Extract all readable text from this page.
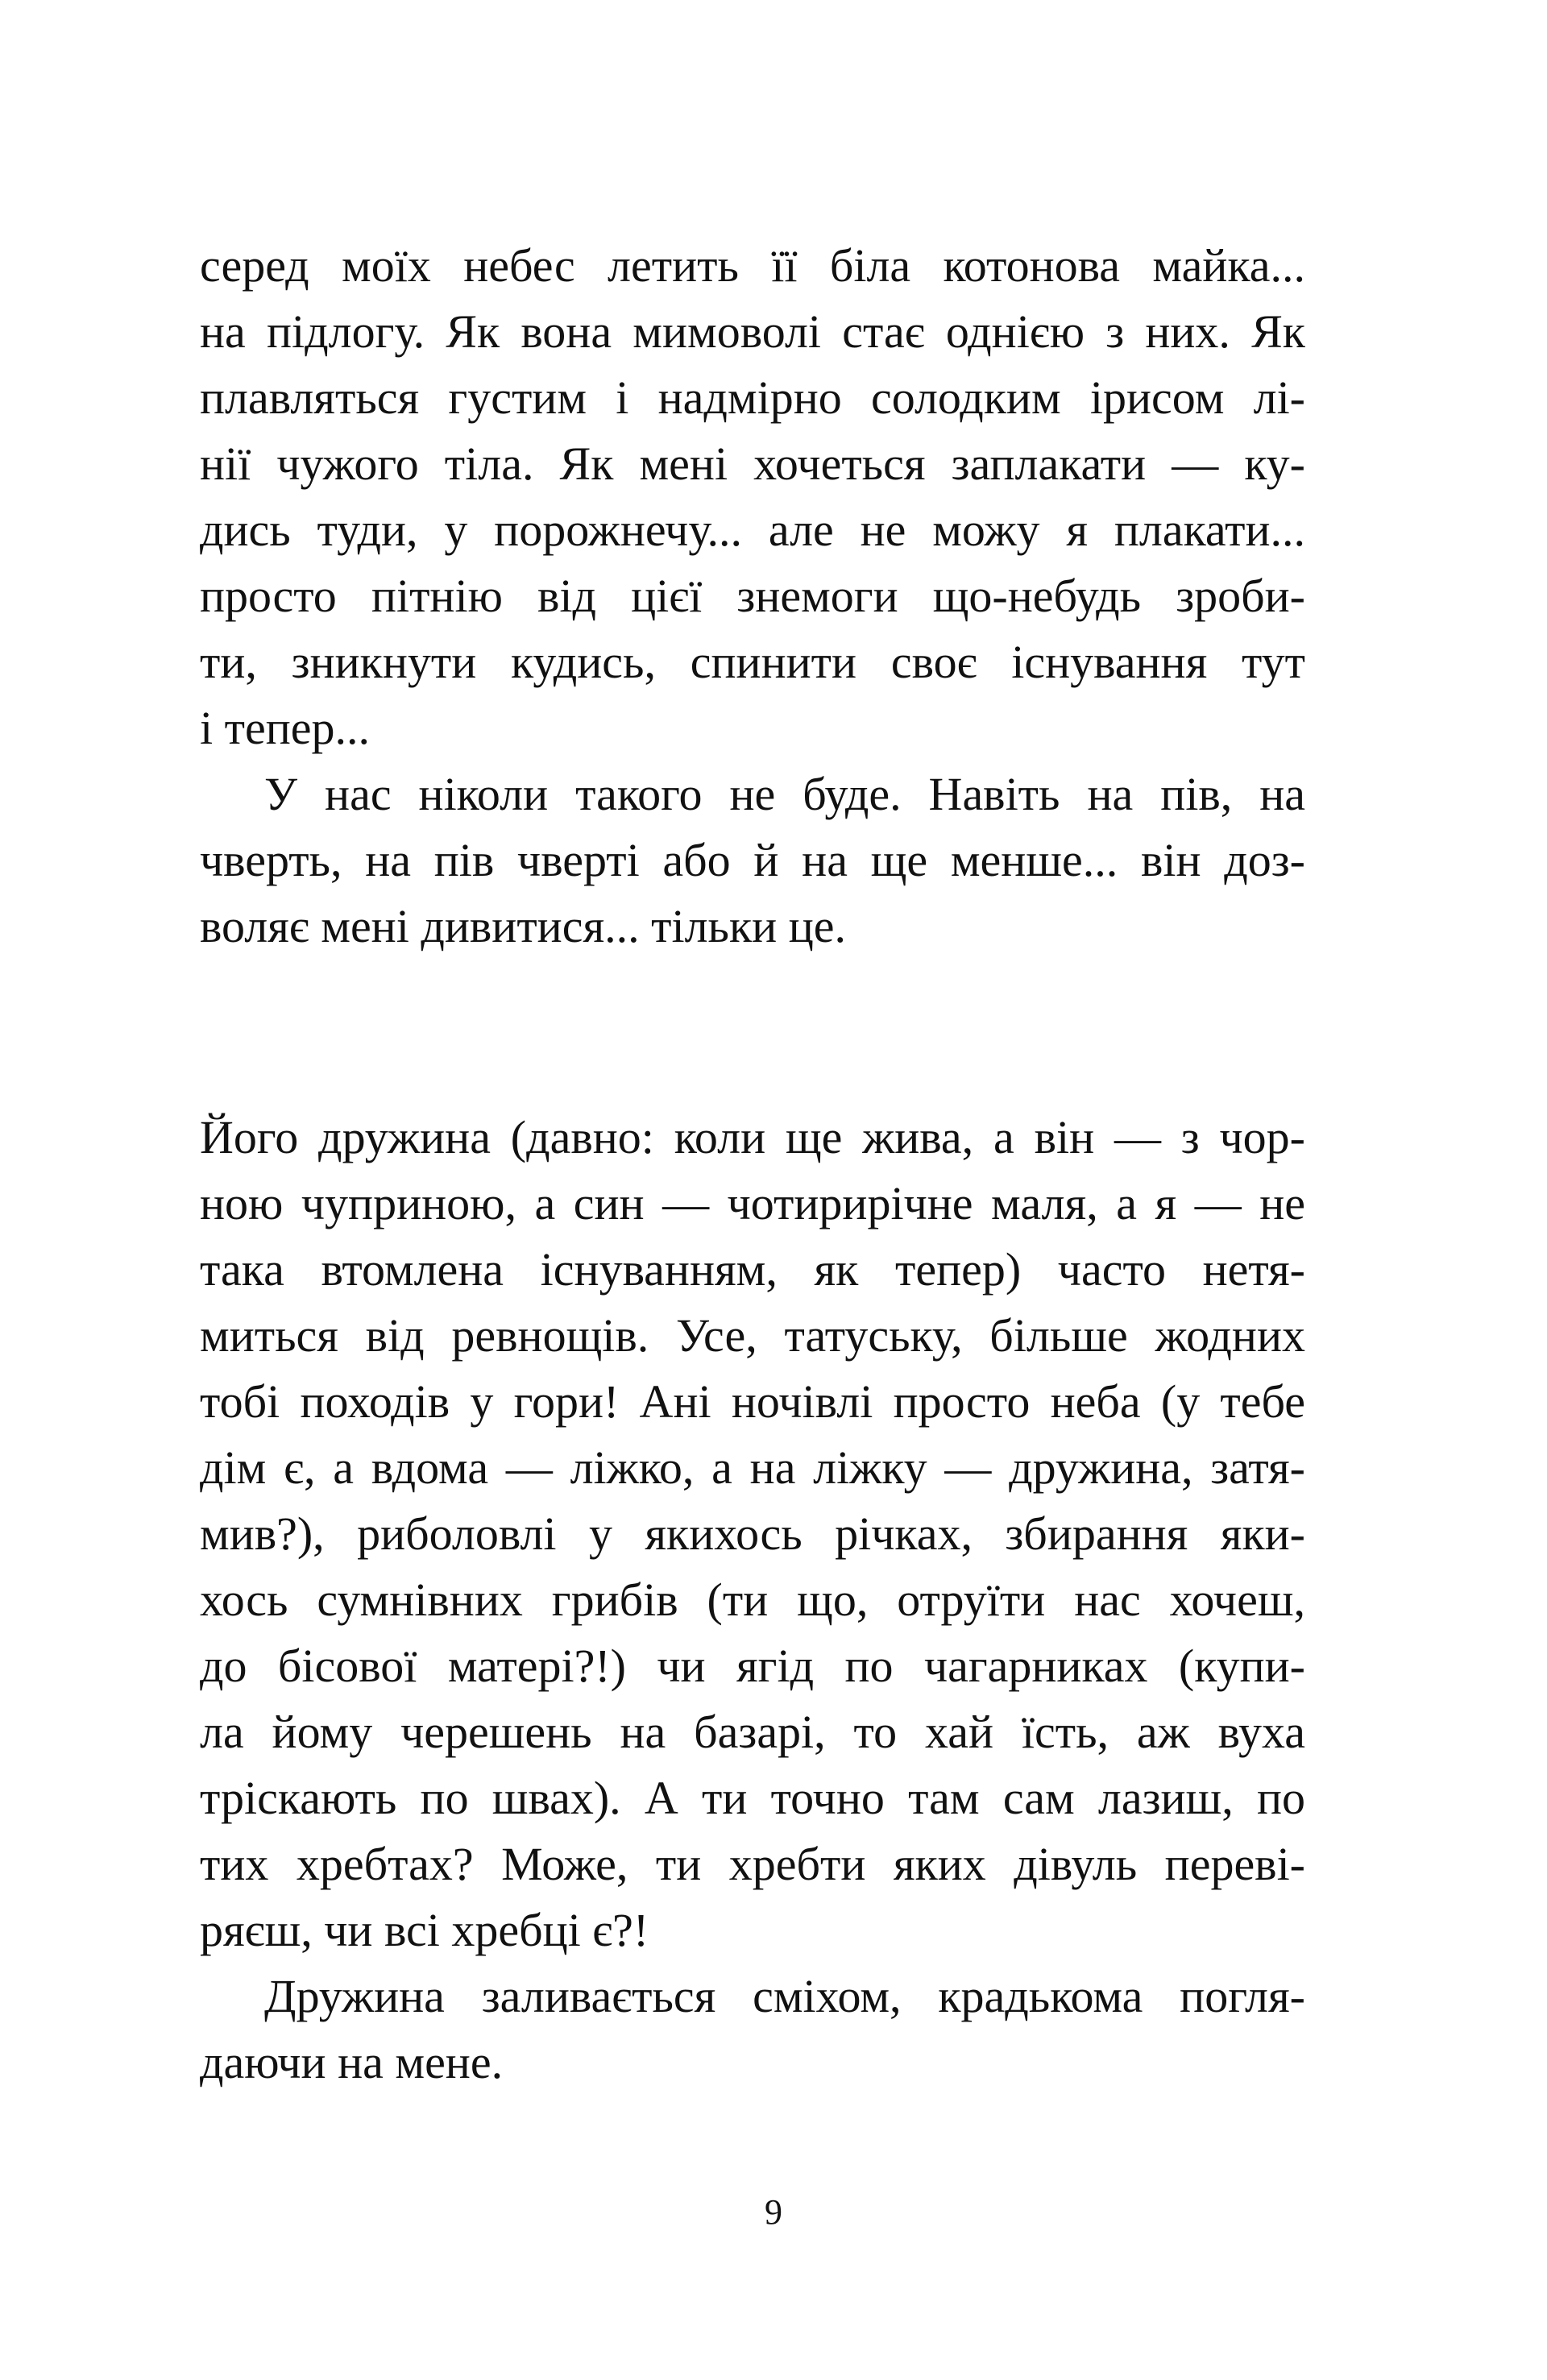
серед моїх небес летить її біла котонова майка...
на підлогу. Як вона мимоволі стає однією з них. Як
плавляться густим і надмірно солодким ірисом лі-
нії чужого тіла. Як мені хочеться заплакати — ку-
дись туди, у порожнечу... але не можу я плакати...
просто пітнію від цієї знемоги що-небудь зроби-
ти, зникнути кудись, спинити своє існування тут
і тепер...
У нас ніколи такого не буде. Навіть на пів, на
чверть, на пів чверті або й на ще менше... він доз-
воляє мені дивитися... тільки це.
Його дружина (давно: коли ще жива, а він — з чор-
ною чуприною, а син — чотирирічне маля, а я — не
така втомлена існуванням, як тепер) часто нетя-
миться від ревнощів. Усе, татуську, більше жодних
тобі походів у гори! Ані ночівлі просто неба (у тебе
дім є, а вдома — ліжко, а на ліжку — дружина, затя-
мив?), риболовлі у якихось річках, збирання яки-
хось сумнівних грибів (ти що, отруїти нас хочеш,
до бісової матері?!) чи ягід по чагарниках (купи-
ла йому черешень на базарі, то хай їсть, аж вуха
тріскають по швах). А ти точно там сам лазиш, по
тих хребтах? Може, ти хребти яких дівуль переві-
ряєш, чи всі хребці є?!
Дружина заливається сміхом, крадькома погля-
даючи на мене.
9
